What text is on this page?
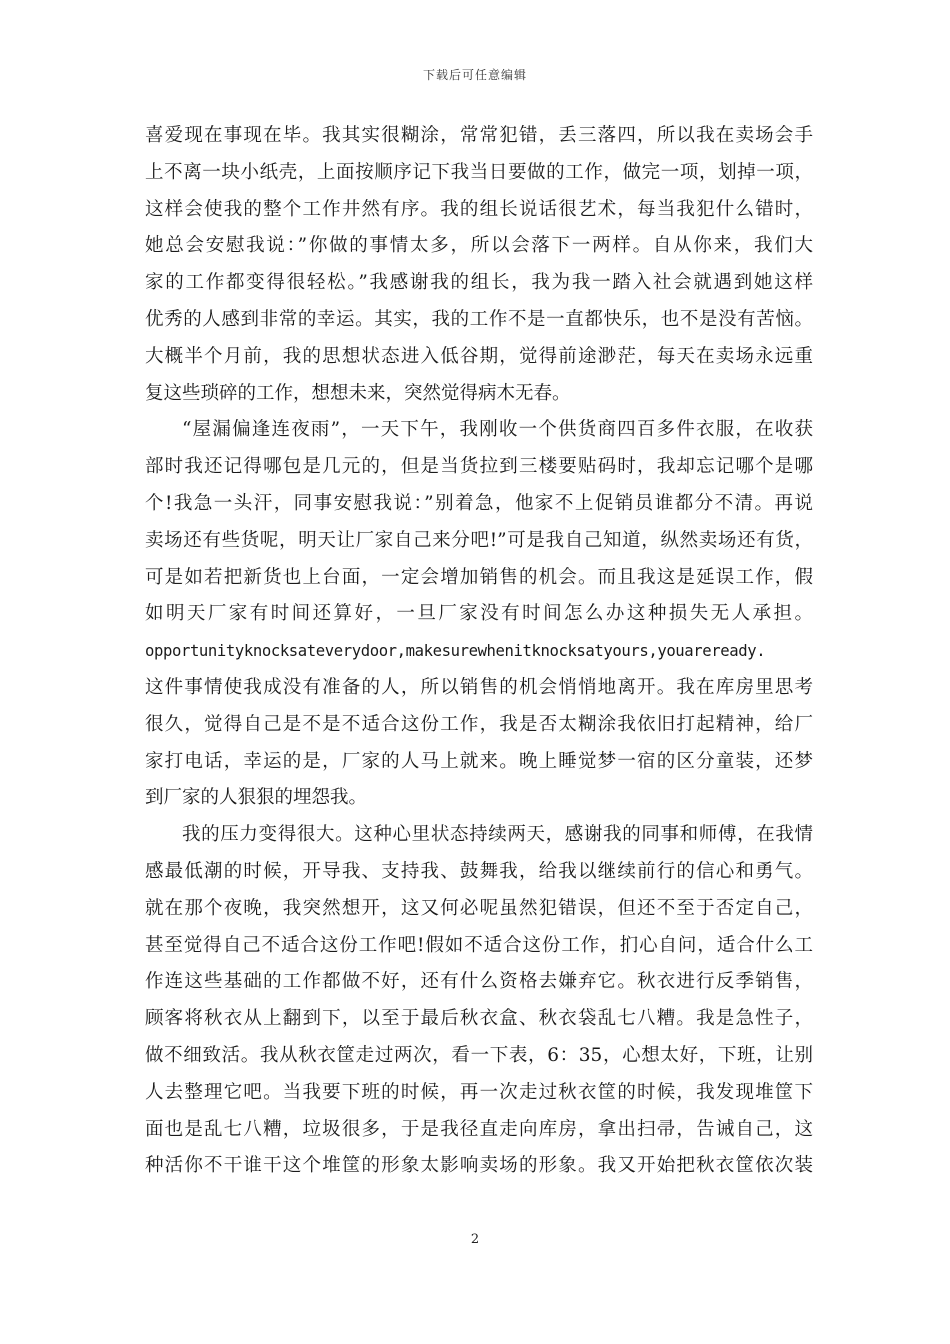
下载后可任意编辑
喜爱现在事现在毕。我其实很糊涂，常常犯错，丢三落四，所以我在卖场会手
上不离一块小纸壳，上面按顺序记下我当日要做的工作，做完一项，划掉一项，
这样会使我的整个工作井然有序。我的组长说话很艺术，每当我犯什么错时，
她总会安慰我说：”你做的事情太多，所以会落下一两样。自从你来，我们大
家的工作都变得很轻松。”我感谢我的组长，我为我一踏入社会就遇到她这样
优秀的人感到非常的幸运。其实，我的工作不是一直都快乐，也不是没有苦恼。
大概半个月前，我的思想状态进入低谷期，觉得前途渺茫，每天在卖场永远重
复这些琐碎的工作，想想未来，突然觉得病木无春。
“屋漏偏逢连夜雨”，一天下午，我刚收一个供货商四百多件衣服，在收获
部时我还记得哪包是几元的，但是当货拉到三楼要贴码时，我却忘记哪个是哪
个!我急一头汗，同事安慰我说：”别着急，他家不上促销员谁都分不清。再说
卖场还有些货呢，明天让厂家自己来分吧!”可是我自己知道，纵然卖场还有货，
可是如若把新货也上台面，一定会增加销售的机会。而且我这是延误工作，假
如明天厂家有时间还算好，一旦厂家没有时间怎么办这种损失无人承担。
opportunityknocksateverydoor,makesurewhenitknocksatyours,youareready.
这件事情使我成没有准备的人，所以销售的机会悄悄地离开。我在库房里思考
很久，觉得自己是不是不适合这份工作，我是否太糊涂我依旧打起精神，给厂
家打电话，幸运的是，厂家的人马上就来。晚上睡觉梦一宿的区分童装，还梦
到厂家的人狠狠的埋怨我。
我的压力变得很大。这种心里状态持续两天，感谢我的同事和师傅，在我情
感最低潮的时候，开导我、支持我、鼓舞我，给我以继续前行的信心和勇气。
就在那个夜晚，我突然想开，这又何必呢虽然犯错误，但还不至于否定自己，
甚至觉得自己不适合这份工作吧!假如不适合这份工作，扪心自问，适合什么工
作连这些基础的工作都做不好，还有什么资格去嫌弃它。秋衣进行反季销售，
顾客将秋衣从上翻到下，以至于最后秋衣盒、秋衣袋乱七八糟。我是急性子，
做不细致活。我从秋衣筐走过两次，看一下表，6：35，心想太好，下班，让别
人去整理它吧。当我要下班的时候，再一次走过秋衣筐的时候，我发现堆筐下
面也是乱七八糟，垃圾很多，于是我径直走向库房，拿出扫帚，告诫自己，这
种活你不干谁干这个堆筐的形象太影响卖场的形象。我又开始把秋衣筐依次装
2
